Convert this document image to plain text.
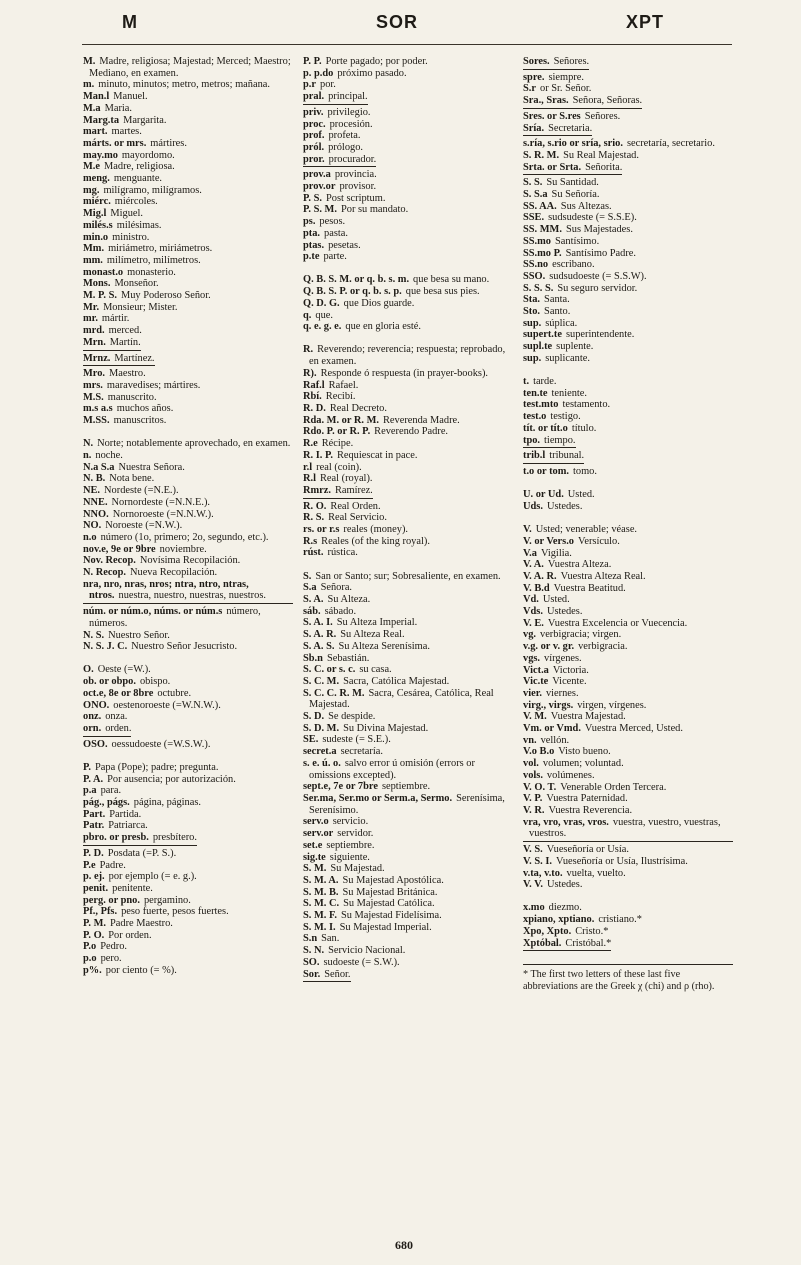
M	SOR	XPT
M. Madre, religiosa; Majestad; Merced; Maestro; Mediano, en examen.
m. minuto, minutos; metro, metros; mañana.
Man.l Manuel.
M.a Maria.
Marg.ta Margarita.
mart. martes.
márts. or mrs. mártires.
may.mo mayordomo.
M.e Madre, religiosa.
meng. menguante.
mg. milígramo, milígramos.
miérc. miércoles.
Mig.l Miguel.
milés.s milésimas.
min.o ministro.
Mm. miriámetro, miriámetros.
mm. milímetro, milímetros.
monast.o monasterio.
Mons. Monseñor.
M. P. S. Muy Poderoso Señor.
Mr. Monsieur; Mister.
mr. mártir.
mrd. merced.
Mrn. Martín.
Mrnz. Martínez.
Mro. Maestro.
mrs. maravedises; mártires.
M.S. manuscrito.
m.s a.s muchos años.
M.SS. manuscritos.
N. Norte; notablemente aprovechado, en examen.
n. noche.
N.a S.a Nuestra Señora.
N. B. Nota bene.
NE. Nordeste (=N.E.).
NNE. Nornordeste (=N.N.E.).
NNO. Nornoroeste (=N.N.W.).
NO. Noroeste (=N.W.).
n.o número (1o, primero; 2o, segundo, etc.).
nov.e, 9e or 9bre noviembre.
Nov. Recop. Novísima Recopilación.
N. Recop. Nueva Recopilación.
nra, nro, nras, nros; ntra, ntro, ntras, ntros. nuestra, nuestro, nuestras, nuestros.
núm. or núm.o, núms. or núm.s número, números.
N. S. Nuestro Señor.
N. S. J. C. Nuestro Señor Jesucristo.
O. Oeste (=W.).
ob. or obpo. obispo.
oct.e, 8e or 8bre octubre.
ONO. oestenoroeste (=W.N.W.).
onz. onza.
orn. orden.
OSO. oessudoeste (=W.S.W.).
P. Papa (Pope); padre; pregunta.
P. A. Por ausencia; por autorización.
p.a para.
pág., págs. página, páginas.
Part. Partida.
Patr. Patriarca.
pbro. or presb. presbítero.
P. D. Posdata (=P. S.).
P.e Padre.
p. ej. por ejemplo (= e. g.).
penit. penitente.
perg. or pno. pergamino.
Pf., Pfs. peso fuerte, pesos fuertes.
P. M. Padre Maestro.
P. O. Por orden.
P.o Pedro.
p.o pero.
p%. por ciento (= %).
P. P. Porte pagado; por poder.
p. p.do próximo pasado.
p.r por.
pral. principal.
priv. privilegio.
proc. procesión.
prof. profeta.
pról. prólogo.
pror. procurador.
prov.a provincia.
prov.or provisor.
P. S. Post scriptum.
P. S. M. Por su mandato.
ps. pesos.
pta. pasta.
ptas. pesetas.
p.te parte.
Q. B. S. M. or q. b. s. m. que besa su mano.
Q. B. S. P. or q. b. s. p. que besa sus pies.
Q. D. G. que Dios guarde.
q. que.
q. e. g. e. que en gloria esté.
R. Reverendo; reverencia; respuesta; reprobado, en examen.
R). Responde ó respuesta (in prayer-books).
Raf.l Rafael.
Rbí. Recibí.
R. D. Real Decreto.
Rda. M. or R. M. Reverenda Madre.
Rdo. P. or R. P. Reverendo Padre.
R.e Récipe.
R. I. P. Requiescat in pace.
r.l real (coin).
R.l Real (royal).
Rmrz. Ramírez.
R. O. Real Orden.
R. S. Real Servicio.
rs. or r.s reales (money).
R.s Reales (of the king royal).
rúst. rústica.
S. San or Santo; sur; Sobresaliente, en examen.
S.a Señora.
S. A. Su Alteza.
sáb. sábado.
S. A. I. Su Alteza Imperial.
S. A. R. Su Alteza Real.
S. A. S. Su Alteza Serenísima.
Sb.n Sebastián.
S. C. or s. c. su casa.
S. C. M. Sacra, Católica Majestad.
S. C. C. R. M. Sacra, Cesárea, Católica, Real Majestad.
S. D. Se despide.
S. D. M. Su Divina Majestad.
SE. sudeste (= S.E.).
secret.a secretaría.
s. e. ú. o. salvo error ú omisión (errors or omissions excepted).
sept.e, 7e or 7bre septiembre.
Ser.ma, Ser.mo or Serm.a, Sermo. Serenísima, Serenísimo.
serv.o servicio.
serv.or servidor.
set.e septiembre.
sig.te siguiente.
S. M. Su Majestad.
S. M. A. Su Majestad Apostólica.
S. M. B. Su Majestad Británica.
S. M. C. Su Majestad Católica.
S. M. F. Su Majestad Fidelísima.
S. M. I. Su Majestad Imperial.
S.n San.
S. N. Servicio Nacional.
SO. sudoeste (= S.W.).
Sor. Señor.
Sores. Señores.
spre. siempre.
S.r or Sr. Señor.
Sra., Sras. Señora, Señoras.
Sres. or S.res Señores.
Sría. Secretaria.
s.ría, s.rio or sría, srio. secretaría, secretario.
S. R. M. Su Real Majestad.
Srta. or Srta. Señorita.
S. S. Su Santidad.
S. S.a Su Señoría.
SS. AA. Sus Altezas.
SSE. sudsudeste (= S.S.E).
SS. MM. Sus Majestades.
SS.mo Santísimo.
SS.mo P. Santísimo Padre.
SS.no escribano.
SSO. sudsudoeste (= S.S.W).
S. S. S. Su seguro servidor.
Sta. Santa.
Sto. Santo.
sup. súplica.
supert.te superintendente.
supl.te suplente.
sup. suplicante.
t. tarde.
ten.te teniente.
test.mto testamento.
test.o testigo.
tít. or tít.o título.
tpo. tiempo.
trib.l tribunal.
t.o or tom. tomo.
U. or Ud. Usted.
Uds. Ustedes.
V. Usted; venerable; véase.
V. or Vers.o Versículo.
V.a Vigilia.
V. A. Vuestra Alteza.
V. A. R. Vuestra Alteza Real.
V. B.d Vuestra Beatitud.
Vd. Usted.
Vds. Ustedes.
V. E. Vuestra Excelencia or Vuecencia.
vg. verbigracia; virgen.
v.g. or v. gr. verbigracia.
vgs. vírgenes.
Vict.a Victoria.
Vic.te Vicente.
vier. viernes.
virg., virgs. virgen, vírgenes.
V. M. Vuestra Majestad.
Vm. or Vmd. Vuestra Merced, Usted.
vn. vellón.
V.o B.o Visto bueno.
vol. volumen; voluntad.
vols. volúmenes.
V. O. T. Venerable Orden Tercera.
V. P. Vuestra Paternidad.
V. R. Vuestra Reverencia.
vra, vro, vras, vros. vuestra, vuestro, vuestras, vuestros.
V. S. Vueseñoría or Usía.
V. S. I. Vueseñoría or Usía, Ilustrísima.
v.ta, v.to. vuelta, vuelto.
V. V. Ustedes.
x.mo diezmo.
xpiano, xptiano. cristiano.*
Xpo, Xpto. Cristo.*
Xptóbal. Cristóbal.*
* The first two letters of these last five abbreviations are the Greek χ (chi) and ρ (rho).
680
